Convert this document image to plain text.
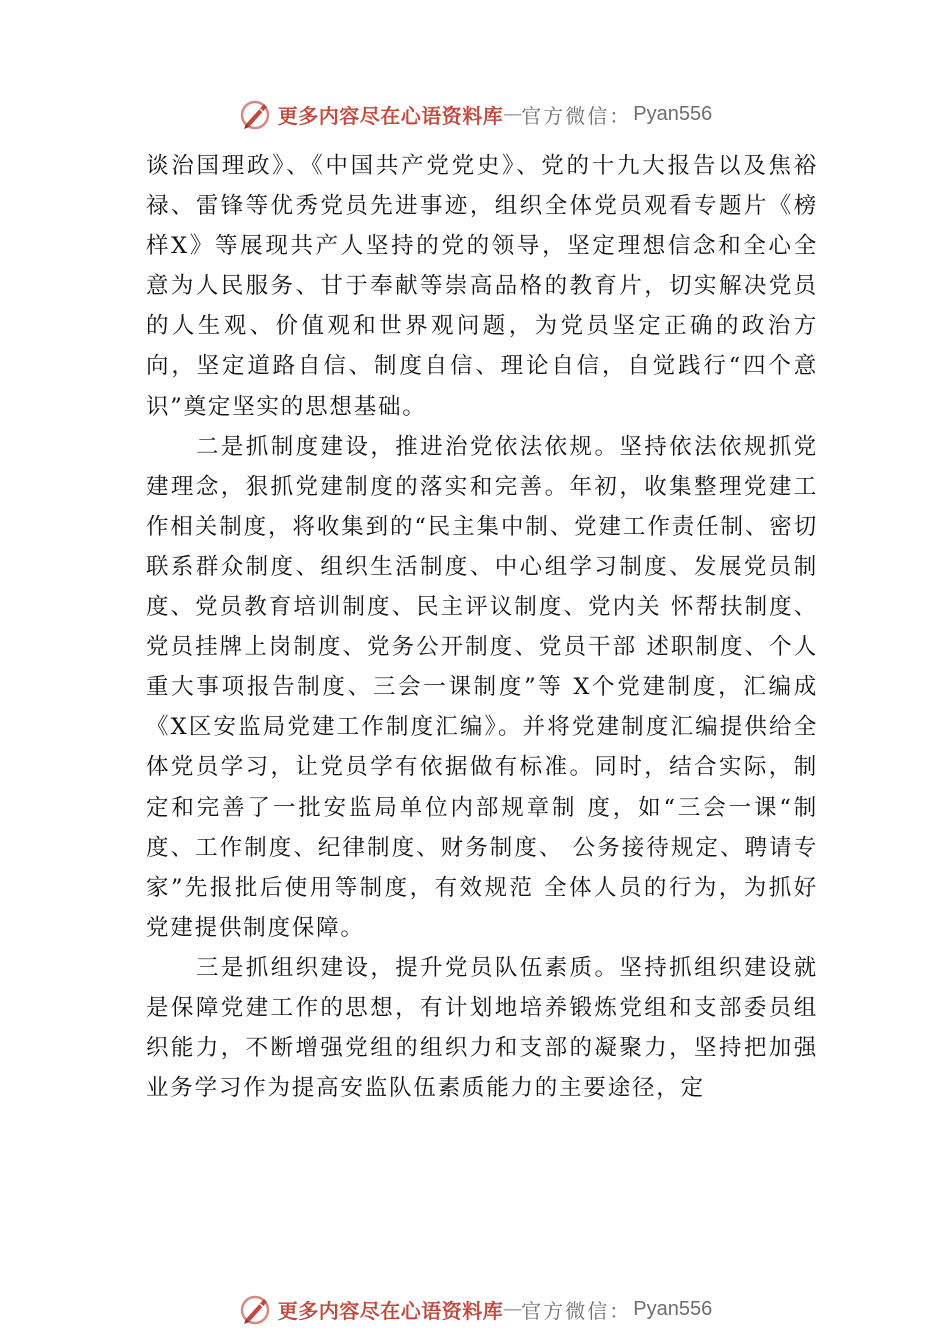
更多内容尽在心语资料库 — 官方微信： Pyan556

谈治国理政》、《中国共产党党史》、党的十九大报告以及焦裕禄、雷锋等优秀党员先进事迹，组织全体党员观看专题片《榜 样X》等展现共产人坚持的党的领导，坚定理想信念和全心全意为人民服务、甘于奉献等崇高品格的教育片，切实解决党员的人生观、价值观和世界观问题，为党员坚定正确的政治方向，坚定道路自信、制度自信、理论自信，自觉践行“四个意识”奠定坚实的思想基础。

二是抓制度建设，推进治党依法依规。坚持依法依规抓党建理念，狠抓党建制度的落实和完善。年初，收集整理党建工作相关制度，将收集到的“民主集中制、党建工作责任制、密切联系群众制度、组织生活制度、中心组学习制度、发展党员制度、党员教育培训制度、民主评议制度、党内关 怀帮扶制度、党员挂牌上岗制度、党务公开制度、党员干部 述职制度、个人重大事项报告制度、三会一课制度”等 X个党建制度，汇编成《X区安监局党建工作制度汇编》。并将党建制度汇编提供给全体党员学习，让党员学有依据做有标准。同时，结合实际，制定和完善了一批安监局单位内部规章制 度，如“三会一课“制度、工作制度、纪律制度、财务制度、 公务接待规定、聘请专家”先报批后使用等制度，有效规范 全体人员的行为，为抓好党建提供制度保障。

三是抓组织建设，提升党员队伍素质。坚持抓组织建设就是保障党建工作的思想，有计划地培养锻炼党组和支部委员组织能力，不断增强党组的组织力和支部的凝聚力，坚持把加强业务学习作为提高安监队伍素质能力的主要途径，定

更多内容尽在心语资料库 — 官方微信： Pyan556
